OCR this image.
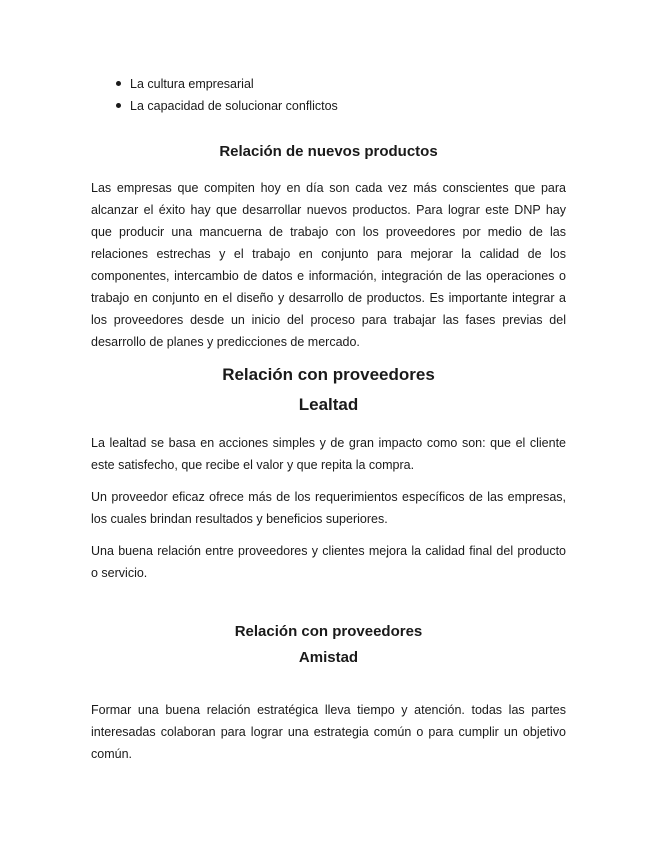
La cultura empresarial
La capacidad de solucionar conflictos
Relación de nuevos productos

Las empresas que compiten hoy en día son cada vez más conscientes que para alcanzar el éxito hay que desarrollar nuevos productos. Para lograr este DNP hay que producir una mancuerna de trabajo con los proveedores por medio de las relaciones estrechas y el trabajo en conjunto para mejorar la calidad de los componentes, intercambio de datos e información, integración de las operaciones o trabajo en conjunto en el diseño y desarrollo de productos. Es importante integrar a los proveedores desde un inicio del proceso para trabajar las fases previas del desarrollo de planes y predicciones de mercado.

Relación con proveedores
Lealtad

La lealtad se basa en acciones simples y de gran impacto como son: que el cliente este satisfecho, que recibe el valor y que repita la compra.

Un proveedor eficaz ofrece más de los requerimientos específicos de las empresas, los cuales brindan resultados y beneficios superiores.

Una buena relación entre proveedores y clientes mejora la calidad final del producto o servicio.

Relación con proveedores
Amistad

Formar una buena relación estratégica lleva tiempo y atención. todas las partes interesadas colaboran para lograr una estrategia común o para cumplir un objetivo común.
